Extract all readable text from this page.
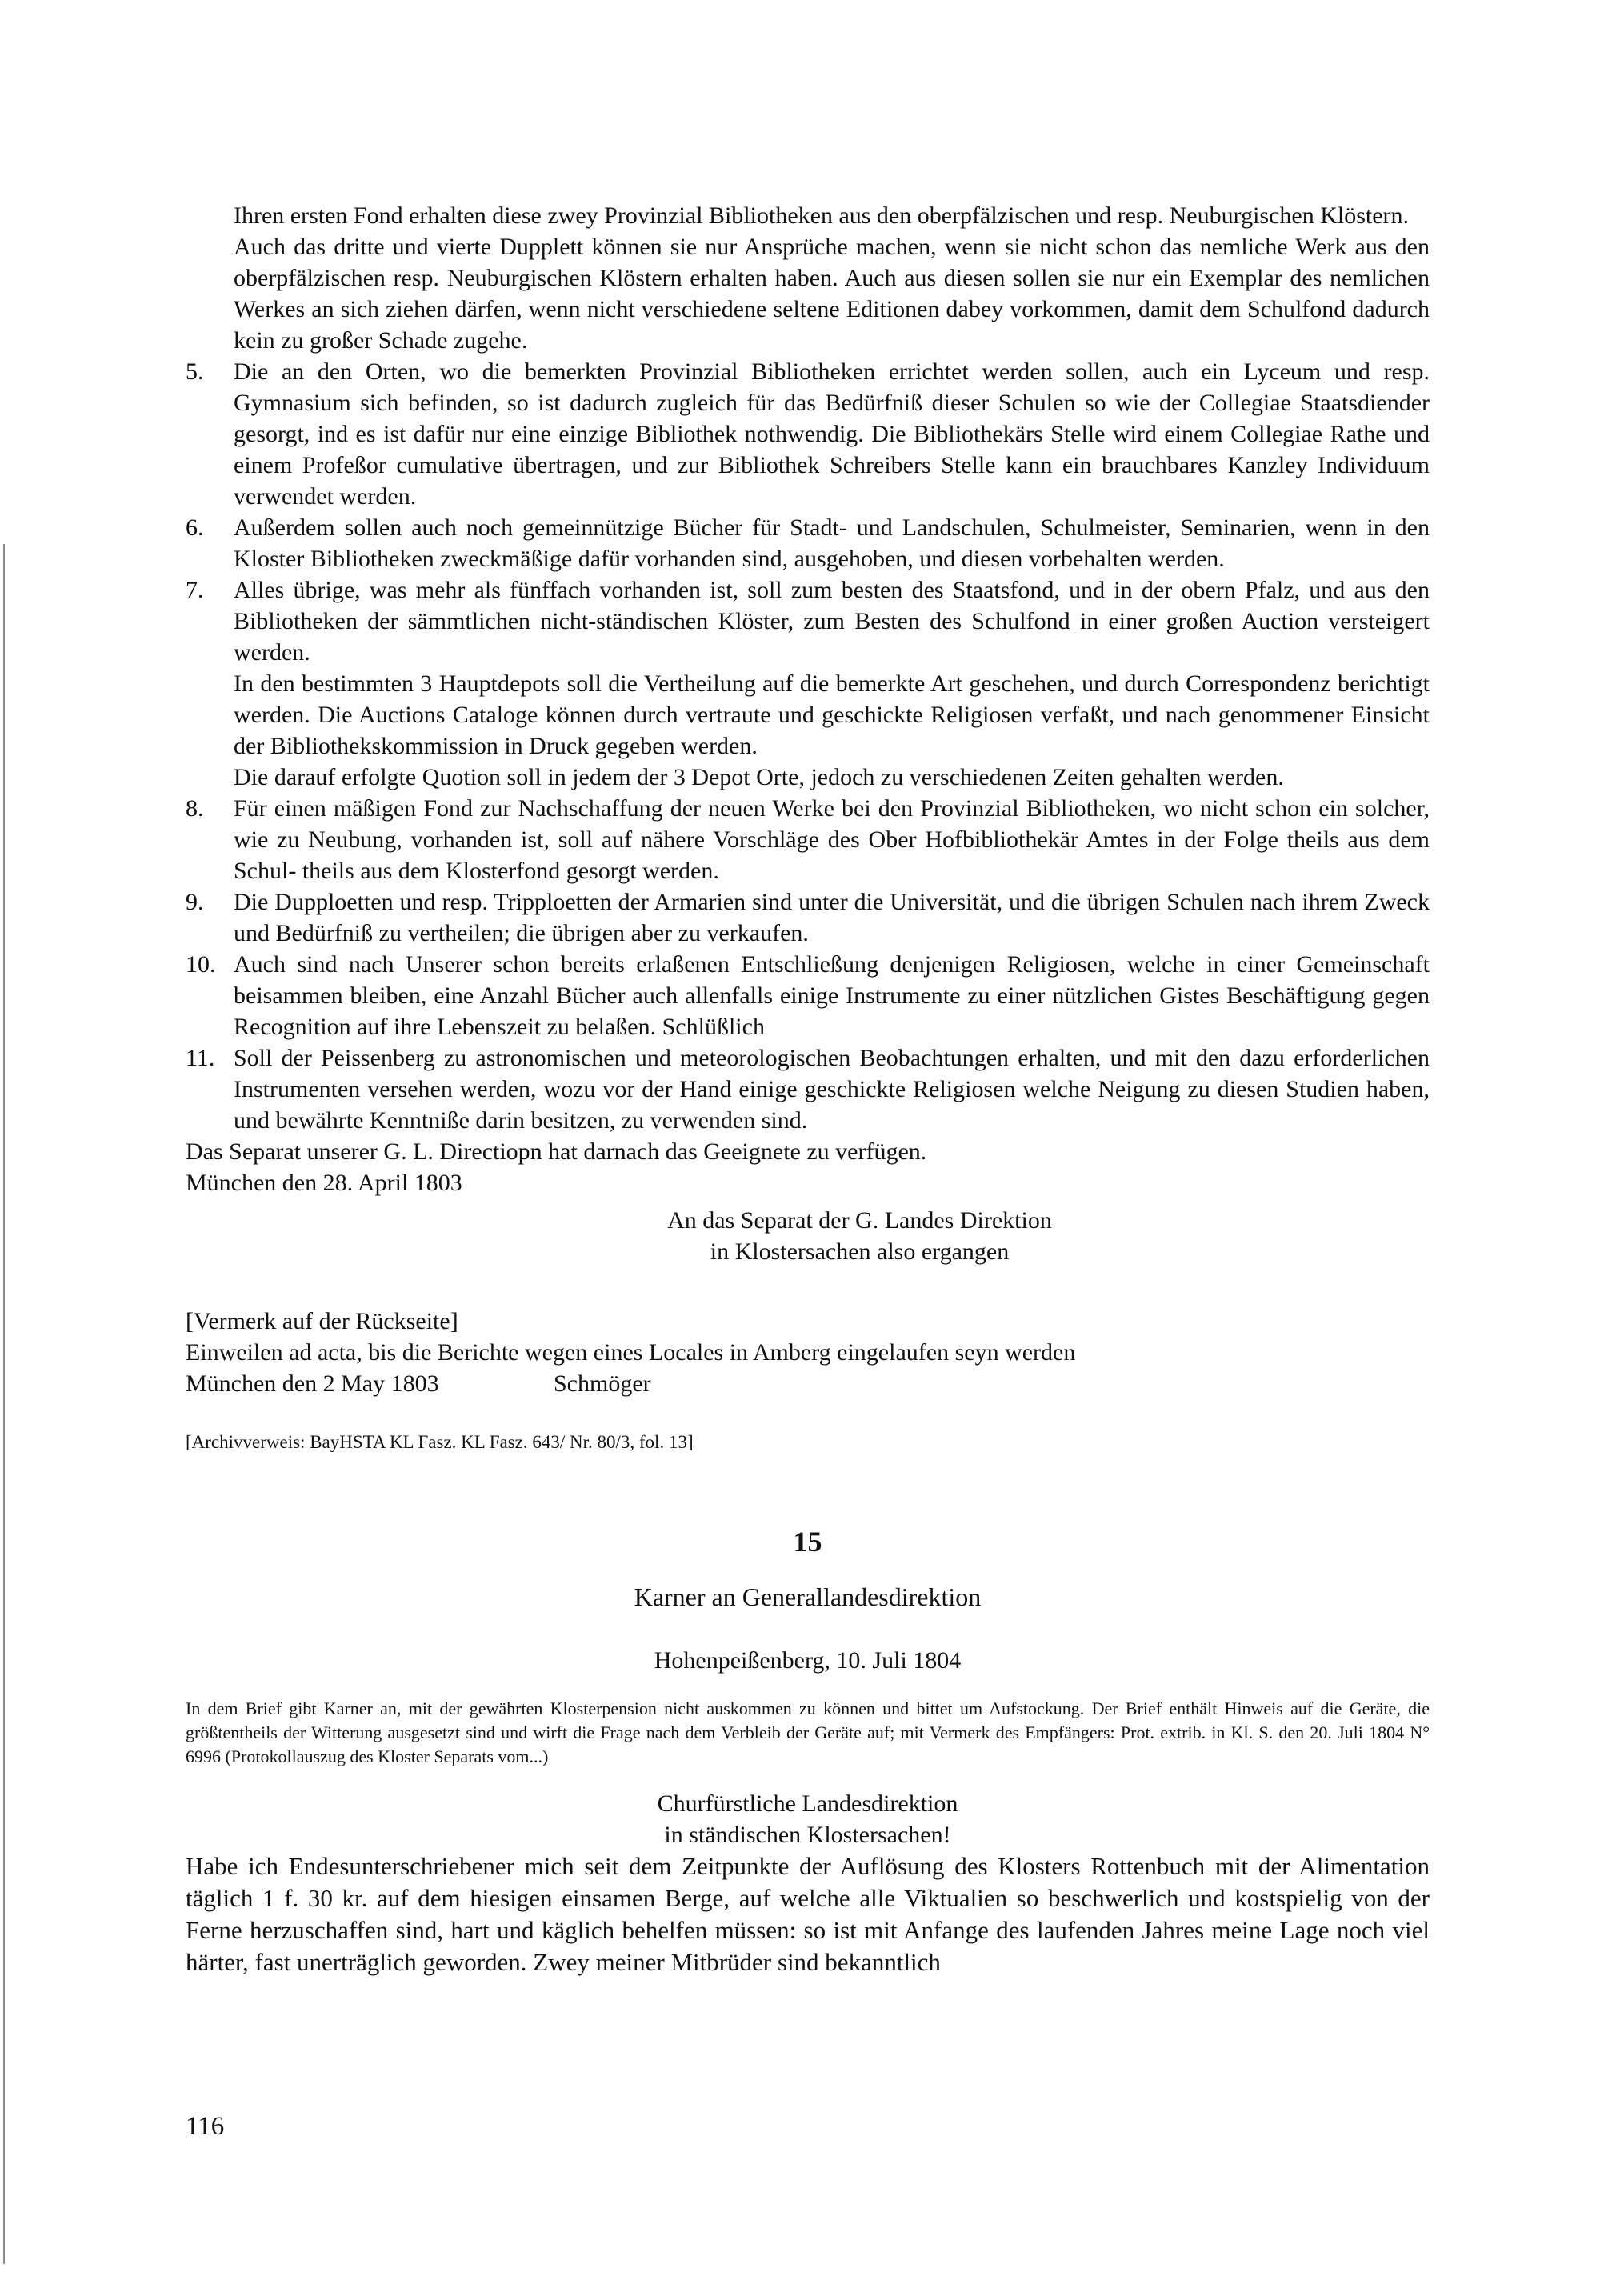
Ihren ersten Fond erhalten diese zwey Provinzial Bibliotheken aus den oberpfälzischen und resp. Neuburgischen Klöstern.

Auch das dritte und vierte Dupplett können sie nur Ansprüche machen, wenn sie nicht schon das nemliche Werk aus den oberpfälzischen resp. Neuburgischen Klöstern erhalten haben. Auch aus diesen sollen sie nur ein Exemplar des nemlichen Werkes an sich ziehen därfen, wenn nicht verschiedene seltene Editionen dabey vorkommen, damit dem Schulfond dadurch kein zu großer Schade zugehe.

5.	Die an den Orten, wo die bemerkten Provinzial Bibliotheken errichtet werden sollen, auch ein Lyceum und resp. Gymnasium sich befinden, so ist dadurch zugleich für das Bedürfniß dieser Schulen so wie der Collegiae Staatsdiender gesorgt, ind es ist dafür nur eine einzige Bibliothek nothwendig. Die Bibliothekärs Stelle wird einem Collegiae Rathe und einem Profeßor cumulative übertragen, und zur Bibliothek Schreibers Stelle kann ein brauchbares Kanzley Individuum verwendet werden.

6.	Außerdem sollen auch noch gemeinnützige Bücher für Stadt- und Landschulen, Schulmeister, Seminarien, wenn in den Kloster Bibliotheken zweckmäßige dafür vorhanden sind, ausgehoben, und diesen vorbehalten werden.

7.	Alles übrige, was mehr als fünffach vorhanden ist, soll zum besten des Staatsfond, und in der obern Pfalz, und aus den Bibliotheken der sämmtlichen nicht-ständischen Klöster, zum Besten des Schulfond in einer großen Auction versteigert werden.

In den bestimmten 3 Hauptdepots soll die Vertheilung auf die bemerkte Art geschehen, und durch Correspondenz berichtigt werden. Die Auctions Cataloge können durch vertraute und geschickte Religiosen verfaßt, und nach genommener Einsicht der Bibliothekskommission in Druck gegeben werden.

Die darauf erfolgte Quotion soll in jedem der 3 Depot Orte, jedoch zu verschiedenen Zeiten gehalten werden.

8.	Für einen mäßigen Fond zur Nachschaffung der neuen Werke bei den Provinzial Bibliotheken, wo nicht schon ein solcher, wie zu Neubung, vorhanden ist, soll auf nähere Vorschläge des Ober Hofbibliothekär Amtes in der Folge theils aus dem Schul- theils aus dem Klosterfond gesorgt werden.

9.	Die Dupploetten und resp. Tripploetten der Armarien sind unter die Universität, und die übrigen Schulen nach ihrem Zweck und Bedürfniß zu vertheilen; die übrigen aber zu verkaufen.

10. Auch sind nach Unserer schon bereits erlaßenen Entschließung denjenigen Religiosen, welche in einer Gemeinschaft beisammen bleiben, eine Anzahl Bücher auch allenfalls einige Instrumente zu einer nützlichen Gistes Beschäftigung gegen Recognition auf ihre Lebenszeit zu belaßen. Schlüßlich

11. Soll der Peissenberg zu astronomischen und meteorologischen Beobachtungen erhalten, und mit den dazu erforderlichen Instrumenten versehen werden, wozu vor der Hand einige geschickte Religiosen welche Neigung zu diesen Studien haben, und bewährte Kenntniße darin besitzen, zu verwenden sind.

Das Separat unserer G. L. Directiopn hat darnach das Geeignete zu verfügen.

München den 28. April 1803

An das Separat der G. Landes Direktion
in Klostersachen also ergangen

[Vermerk auf der Rückseite]

Einweilen ad acta, bis die Berichte wegen eines Locales in Amberg eingelaufen seyn werden

München den 2 May 1803	Schmöger

[Archivverweis: BayHSTA KL Fasz. KL Fasz. 643/ Nr. 80/3, fol. 13]

15
Karner an Generallandesdirektion
Hohenpeißenberg, 10. Juli 1804

In dem Brief gibt Karner an, mit der gewährten Klosterpension nicht auskommen zu können und bittet um Aufstockung. Der Brief enthält Hinweis auf die Geräte, die größtentheils der Witterung ausgesetzt sind und wirft die Frage nach dem Verbleib der Geräte auf; mit Vermerk des Empfängers: Prot. extrib. in Kl. S. den 20. Juli 1804 N° 6996 (Protokollauszug des Kloster Separats vom...)

Churfürstliche Landesdirektion
in ständischen Klostersachen!

Habe ich Endesunterschriebener mich seit dem Zeitpunkte der Auflösung des Klosters Rottenbuch mit der Alimentation täglich 1 f. 30 kr. auf dem hiesigen einsamen Berge, auf welche alle Viktualien so beschwerlich und kostspielig von der Ferne herzuschaffen sind, hart und käglich behelfen müssen: so ist mit Anfange des laufenden Jahres meine Lage noch viel härter, fast unerträglich geworden. Zwey meiner Mitbrüder sind bekanntlich

116
